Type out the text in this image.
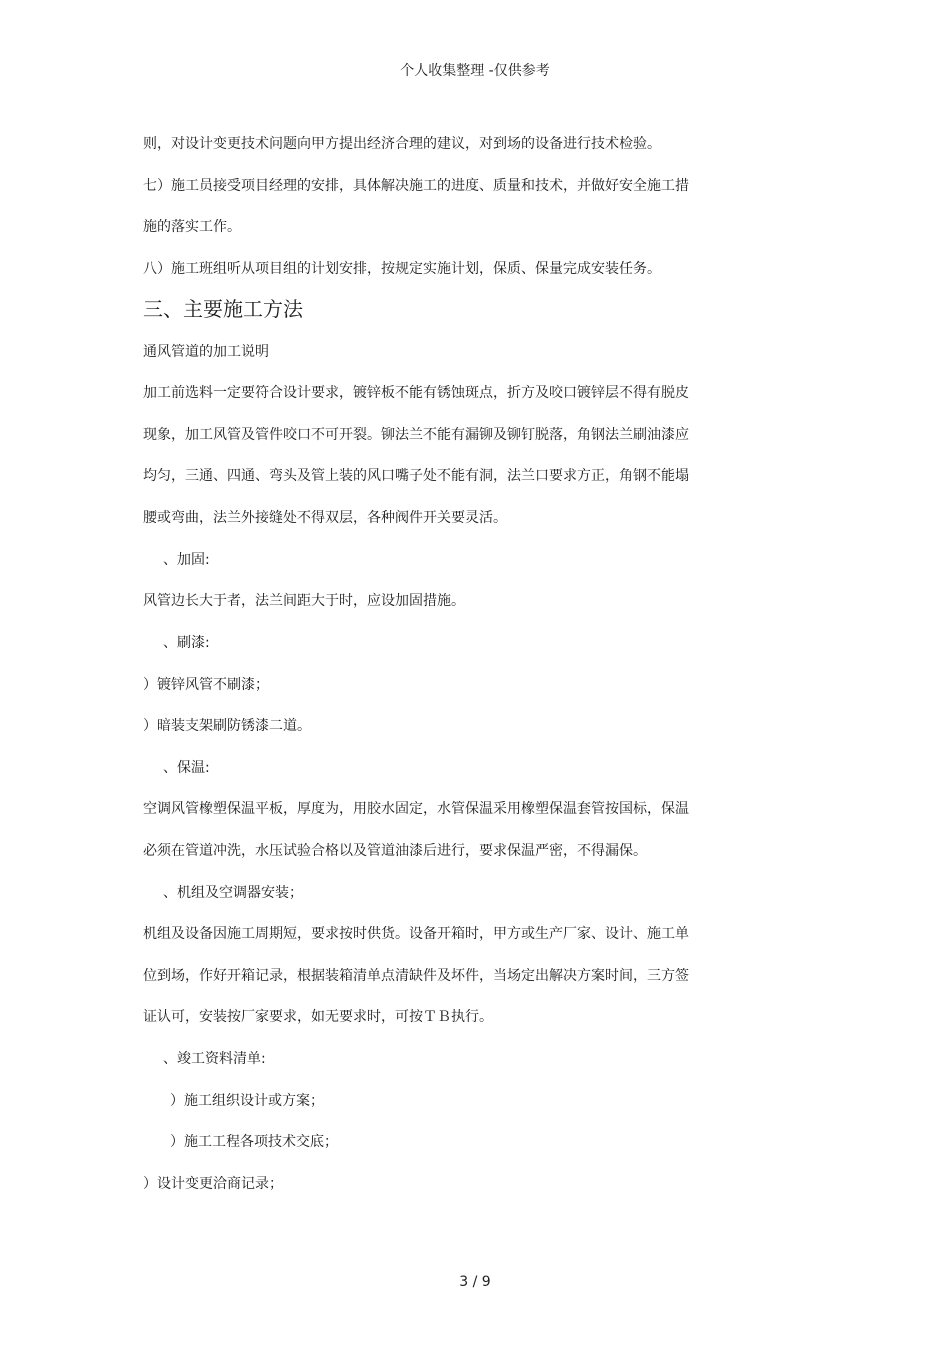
个人收集整理 -仅供参考
则，对设计变更技术问题向甲方提出经济合理的建议，对到场的设备进行技术检验。
七）施工员接受项目经理的安排，具体解决施工的进度、质量和技术，并做好安全施工措
施的落实工作。
八）施工班组听从项目组的计划安排，按规定实施计划，保质、保量完成安装任务。
三、主要施工方法
通风管道的加工说明
加工前选料一定要符合设计要求，镀锌板不能有锈蚀斑点，折方及咬口镀锌层不得有脱皮
现象，加工风管及管件咬口不可开裂。铆法兰不能有漏铆及铆钉脱落，角钢法兰刷油漆应
均匀，三通、四通、弯头及管上装的风口嘴子处不能有洞，法兰口要求方正，角钢不能塌
腰或弯曲，法兰外接缝处不得双层，各种阀件开关要灵活。
、加固:
风管边长大于者，法兰间距大于时，应设加固措施。
、刷漆:
）镀锌风管不刷漆；
）暗装支架刷防锈漆二道。
、保温:
空调风管橡塑保温平板，厚度为，用胶水固定，水管保温采用橡塑保温套管按国标，保温
必须在管道冲洗，水压试验合格以及管道油漆后进行，要求保温严密，不得漏保。
、机组及空调器安装；
机组及设备因施工周期短，要求按时供货。设备开箱时，甲方或生产厂家、设计、施工单
位到场，作好开箱记录，根据装箱清单点清缺件及坏件，当场定出解决方案时间，三方签
证认可，安装按厂家要求，如无要求时，可按ＴＢ执行。
、竣工资料清单:
）施工组织设计或方案；
）施工工程各项技术交底；
）设计变更洽商记录；
3 / 9
